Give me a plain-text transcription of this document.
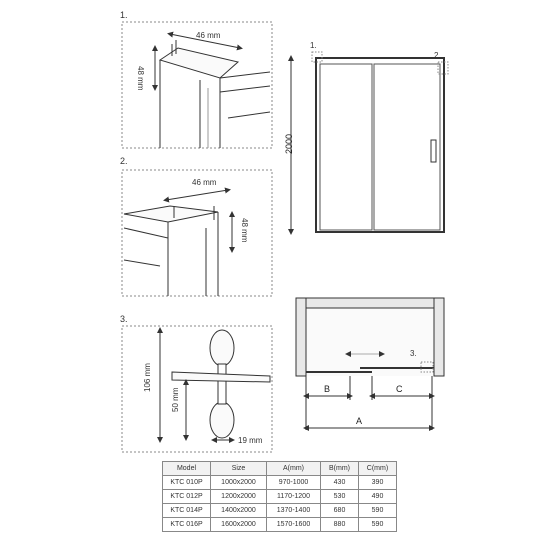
1.
2.
3.
46 mm
48 mm
46 mm
48 mm
106 mm
50 mm
19 mm
2000
1.
2.
3.
B	C
A
Model	Size	A(mm)	B(mm)	C(mm)
KTC 010P	1000x2000	970-1000	430	390
KTC 012P	1200x2000	1170-1200	530	490
KTC 014P	1400x2000	1370-1400	680	590
KTC 016P	1600x2000	1570-1600	880	590
